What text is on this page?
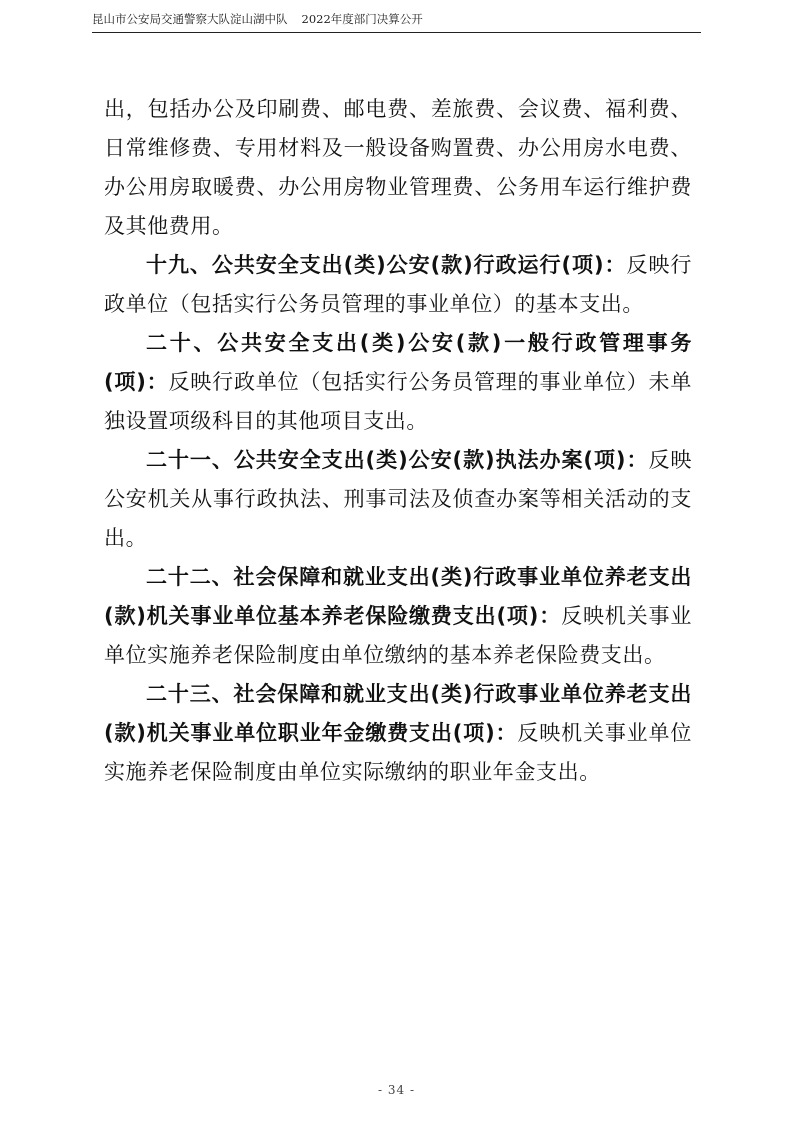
昆山市公安局交通警察大队淀山湖中队 2022年度部门决算公开

出，包括办公及印刷费、邮电费、差旅费、会议费、福利费、日常维修费、专用材料及一般设备购置费、办公用房水电费、办公用房取暖费、办公用房物业管理费、公务用车运行维护费及其他费用。

十九、公共安全支出(类)公安(款)行政运行(项)：反映行政单位（包括实行公务员管理的事业单位）的基本支出。

二十、公共安全支出(类)公安(款)一般行政管理事务(项)：反映行政单位（包括实行公务员管理的事业单位）未单独设置项级科目的其他项目支出。

二十一、公共安全支出(类)公安(款)执法办案(项)：反映公安机关从事行政执法、刑事司法及侦查办案等相关活动的支出。

二十二、社会保障和就业支出(类)行政事业单位养老支出(款)机关事业单位基本养老保险缴费支出(项)：反映机关事业单位实施养老保险制度由单位缴纳的基本养老保险费支出。

二十三、社会保障和就业支出(类)行政事业单位养老支出(款)机关事业单位职业年金缴费支出(项)：反映机关事业单位实施养老保险制度由单位实际缴纳的职业年金支出。

- 34 -
